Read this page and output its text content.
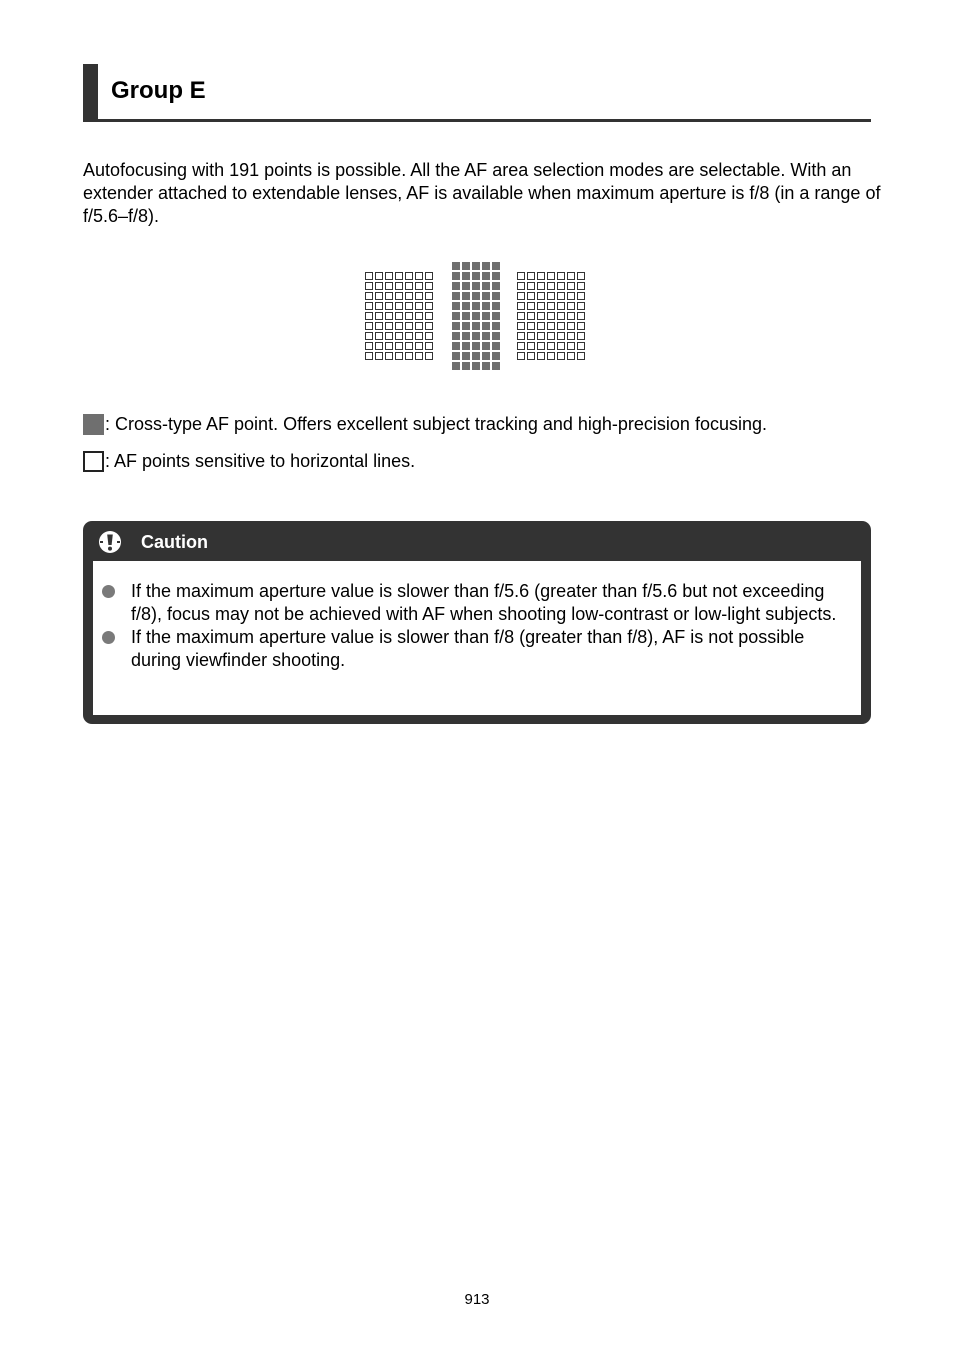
Group E

Autofocusing with 191 points is possible. All the AF area selection modes are selectable. With an extender attached to extendable lenses, AF is available when maximum aperture is f/8 (in a range of f/5.6–f/8).

: Cross-type AF point. Offers excellent subject tracking and high-precision focusing.
: AF points sensitive to horizontal lines.
Caution
If the maximum aperture value is slower than f/5.6 (greater than f/5.6 but not exceeding f/8), focus may not be achieved with AF when shooting low-contrast or low-light subjects.
If the maximum aperture value is slower than f/8 (greater than f/8), AF is not possible during viewfinder shooting.
913
